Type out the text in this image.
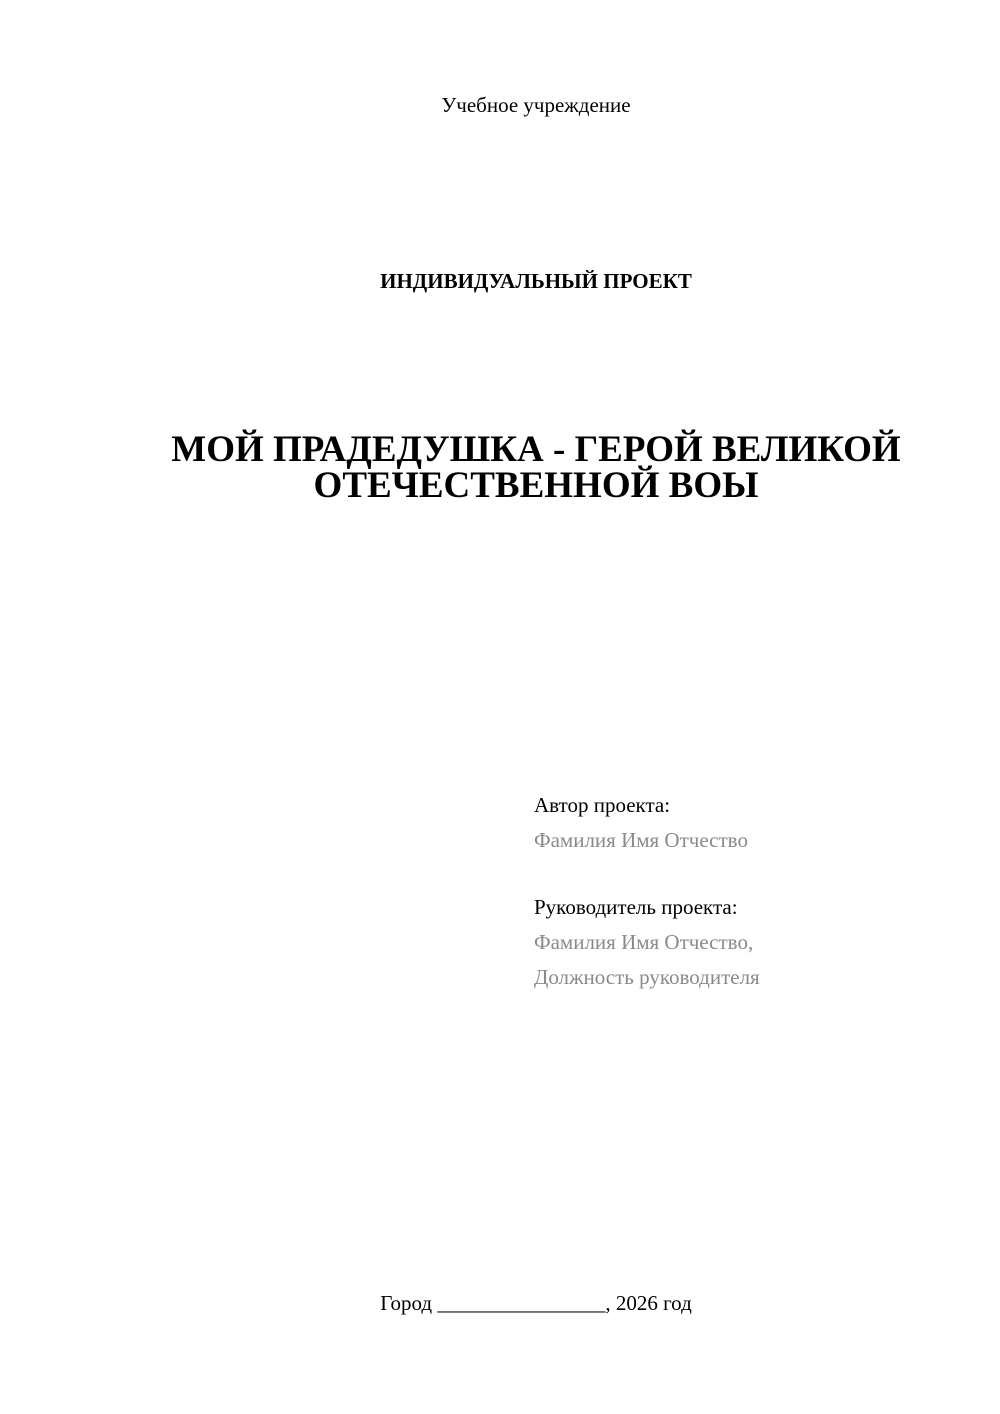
Учебное учреждение
ИНДИВИДУАЛЬНЫЙ ПРОЕКТ
МОЙ ПРАДЕДУШКА - ГЕРОЙ ВЕЛИКОЙ
ОТЕЧЕСТВЕННОЙ ВОЫ
Автор проекта:
Фамилия Имя Отчество
Руководитель проекта:
Фамилия Имя Отчество,
Должность руководителя
Город ________________, 2026 год
